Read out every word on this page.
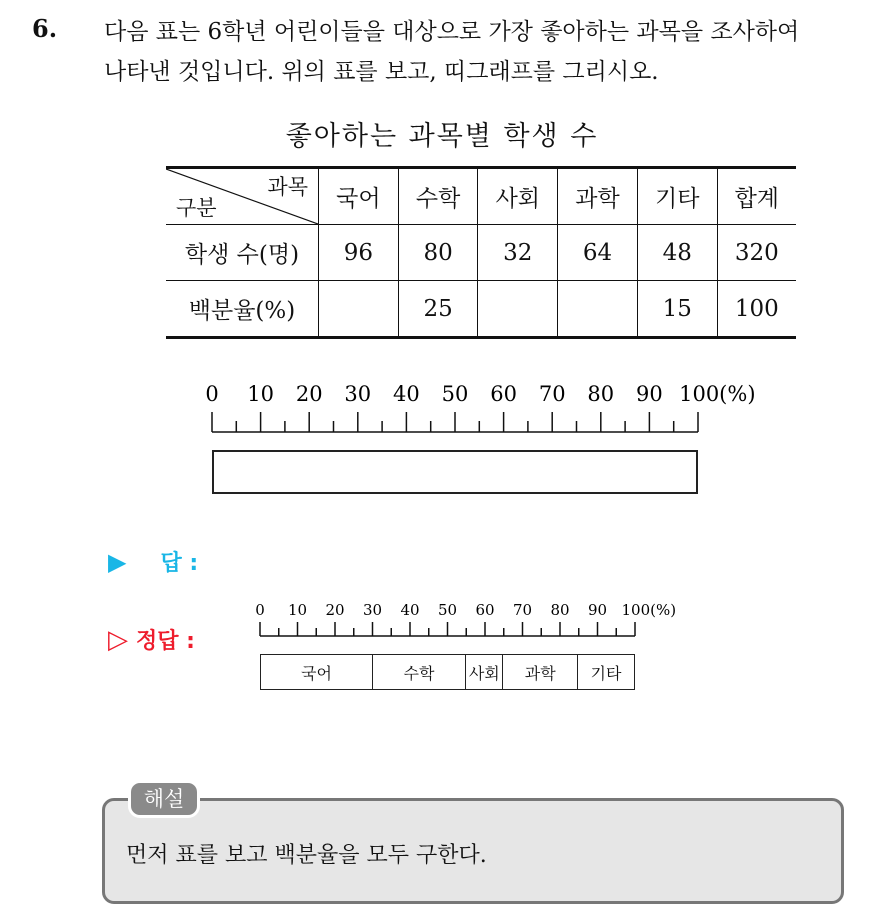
6. 다음 표는 6학년 어린이들을 대상으로 가장 좋아하는 과목을 조사하여
나타낸 것입니다. 위의 표를 보고, 띠그래프를 그리시오.
좋아하는 과목별 학생 수
과목
구분	국어	수학	사회	과학	기타	합계
학생 수(명)	96	80	32	64	48	320
백분율(%)		25			15	100
0 10 20 30 40 50 60 70 80 90 100(%)
▶ 답 :
0 10 20 30 40 50 60 70 80 90 100(%)
▷ 정답 :
국어	수학	사회	과학	기타
해설
먼저 표를 보고 백분율을 모두 구한다.
